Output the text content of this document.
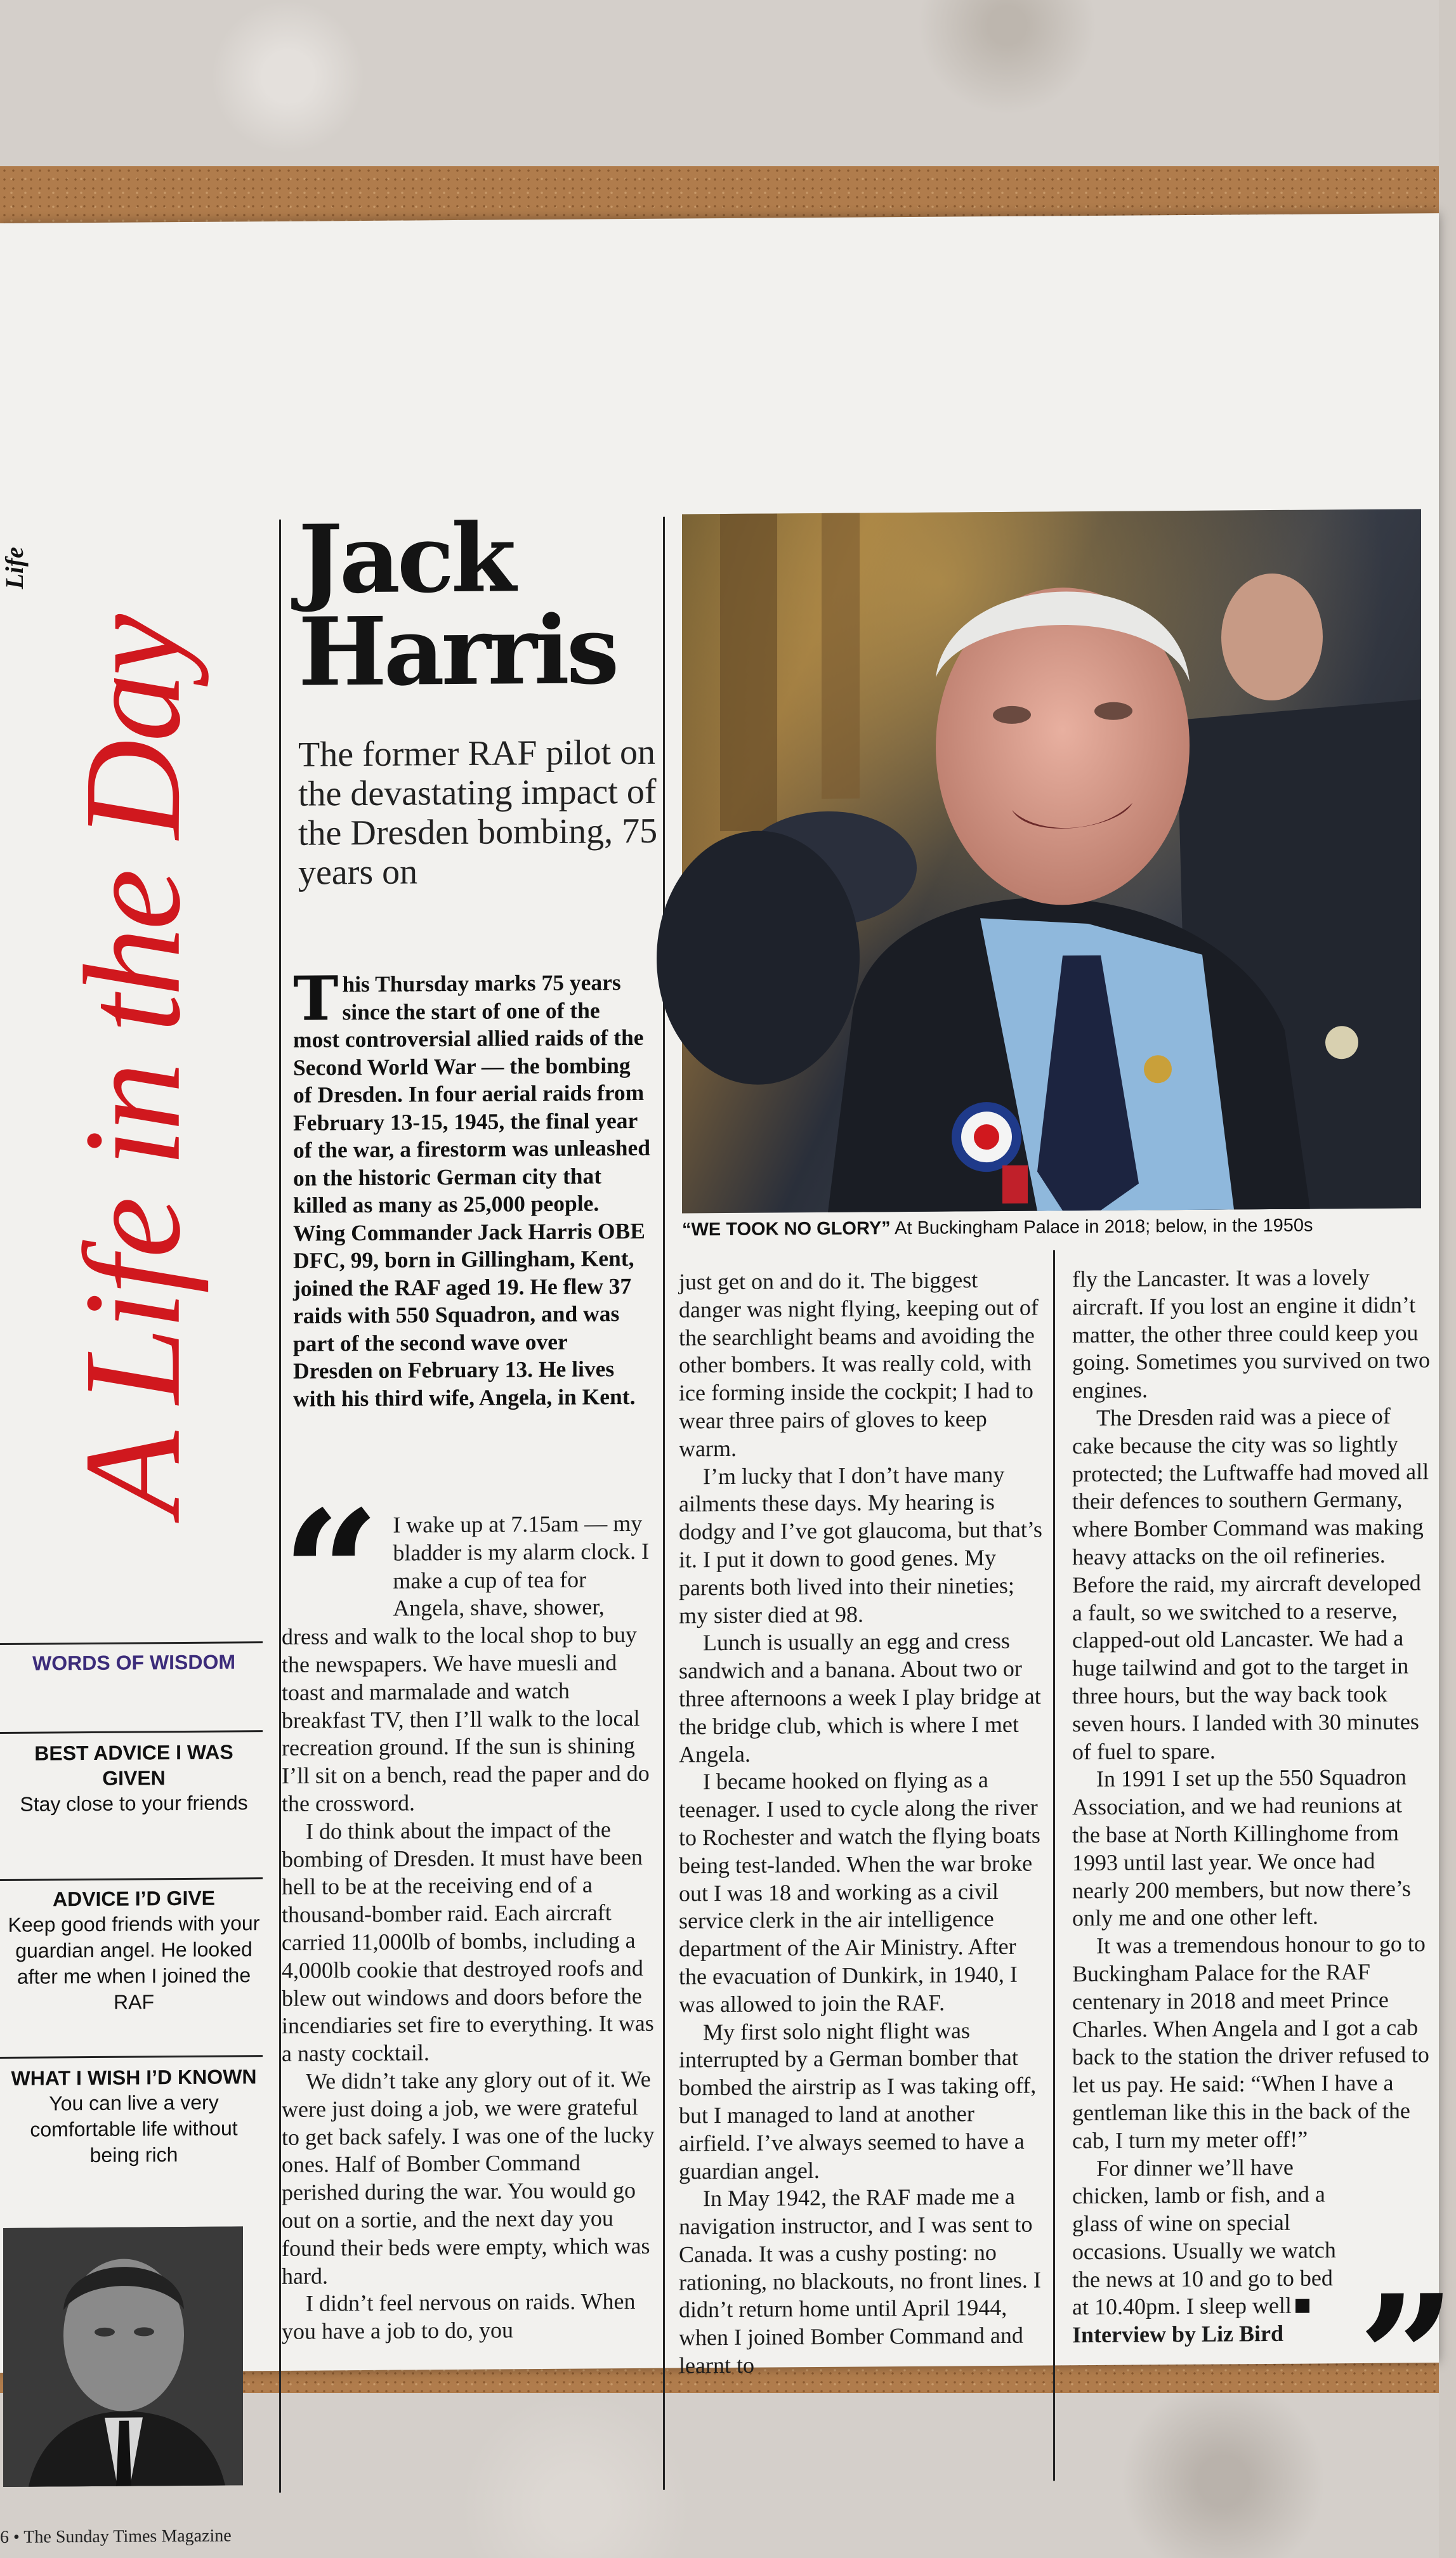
Life
A Life in the Day
Jack
Harris
The former RAF pilot on the devastating impact of the Dresden bombing, 75 years on
This Thursday marks 75 years since the start of one of the most controversial allied raids of the Second World War — the bombing of Dresden. In four aerial raids from February 13-15, 1945, the final year of the war, a firestorm was unleashed on the historic German city that killed as many as 25,000 people. Wing Commander Jack Harris OBE DFC, 99, born in Gillingham, Kent, joined the RAF aged 19. He flew 37 raids with 550 Squadron, and was part of the second wave over Dresden on February 13. He lives with his third wife, Angela, in Kent.
“WE TOOK NO GLORY” At Buckingham Palace in 2018; below, in the 1950s
“ I wake up at 7.15am — my bladder is my alarm clock. I make a cup of tea for Angela, shave, shower, dress and walk to the local shop to buy the newspapers. We have muesli and toast and marmalade and watch breakfast TV, then I’ll walk to the local recreation ground. If the sun is shining I’ll sit on a bench, read the paper and do the crossword.

I do think about the impact of the bombing of Dresden. It must have been hell to be at the receiving end of a thousand-bomber raid. Each aircraft carried 11,000lb of bombs, including a 4,000lb cookie that destroyed roofs and blew out windows and doors before the incendiaries set fire to everything. It was a nasty cocktail.

We didn’t take any glory out of it. We were just doing a job, we were grateful to get back safely. I was one of the lucky ones. Half of Bomber Command perished during the war. You would go out on a sortie, and the next day you found their beds were empty, which was hard.

I didn’t feel nervous on raids. When you have a job to do, you

just get on and do it. The biggest danger was night flying, keeping out of the searchlight beams and avoiding the other bombers. It was really cold, with ice forming inside the cockpit; I had to wear three pairs of gloves to keep warm.

I’m lucky that I don’t have many ailments these days. My hearing is dodgy and I’ve got glaucoma, but that’s it. I put it down to good genes. My parents both lived into their nineties; my sister died at 98.

Lunch is usually an egg and cress sandwich and a banana. About two or three afternoons a week I play bridge at the bridge club, which is where I met Angela.

I became hooked on flying as a teenager. I used to cycle along the river to Rochester and watch the flying boats being test-landed. When the war broke out I was 18 and working as a civil service clerk in the air intelligence department of the Air Ministry. After the evacuation of Dunkirk, in 1940, I was allowed to join the RAF.

My first solo night flight was interrupted by a German bomber that bombed the airstrip as I was taking off, but I managed to land at another airfield. I’ve always seemed to have a guardian angel.

In May 1942, the RAF made me a navigation instructor, and I was sent to Canada. It was a cushy posting: no rationing, no blackouts, no front lines. I didn’t return home until April 1944, when I joined Bomber Command and learnt to

fly the Lancaster. It was a lovely aircraft. If you lost an engine it didn’t matter, the other three could keep you going. Sometimes you survived on two engines.

The Dresden raid was a piece of cake because the city was so lightly protected; the Luftwaffe had moved all their defences to southern Germany, where Bomber Command was making heavy attacks on the oil refineries. Before the raid, my aircraft developed a fault, so we switched to a reserve, clapped-out old Lancaster. We had a huge tailwind and got to the target in three hours, but the way back took seven hours. I landed with 30 minutes of fuel to spare.

In 1991 I set up the 550 Squadron Association, and we had reunions at the base at North Killinghome from 1993 until last year. We once had nearly 200 members, but now there’s only me and one other left.

It was a tremendous honour to go to Buckingham Palace for the RAF centenary in 2018 and meet Prince Charles. When Angela and I got a cab back to the station the driver refused to let us pay. He said: “When I have a gentleman like this in the back of the cab, I turn my meter off!”

For dinner we’ll have chicken, lamb or fish, and a glass of wine on special occasions. Usually we watch the news at 10 and go to bed at 10.40pm. I sleep well

Interview by Liz Bird ”
WORDS OF WISDOM
BEST ADVICE I WAS GIVEN
Stay close to your friends
ADVICE I’D GIVE
Keep good friends with your guardian angel. He looked after me when I joined the RAF
WHAT I WISH I’D KNOWN
You can live a very comfortable life without being rich
6 • The Sunday Times Magazine
